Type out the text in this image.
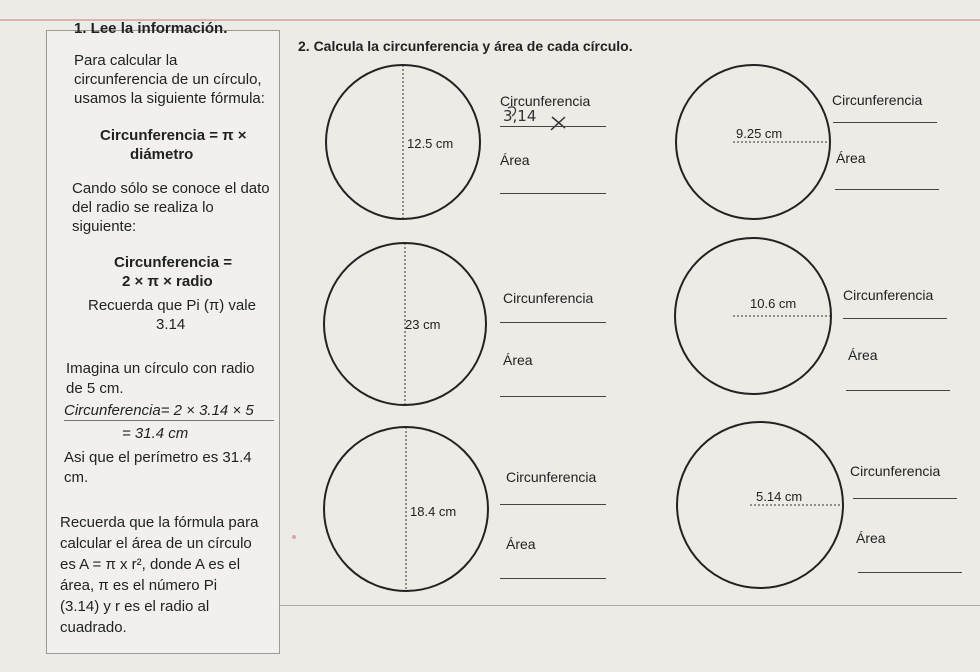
1. Lee la información.
Para calcular la
circunferencia de un círculo,
usamos la siguiente fórmula:
Circunferencia = π ×
diámetro
Cando sólo se conoce el dato
del radio se realiza lo
siguiente:
Circunferencia =
2 × π × radio
Recuerda que Pi (π) vale
3.14
Imagina un círculo con radio
de 5 cm.
Circunferencia= 2 × 3.14 × 5
= 31.4 cm
Asi que el perímetro es 31.4
cm.
Recuerda que la fórmula para
calcular el área de un círculo
es A = π x r², donde A es el
área, π es el número Pi
(3.14) y r es el radio al
cuadrado.
2. Calcula la circunferencia y área de cada círculo.
12.5 cm
9.25 cm
23 cm
10.6 cm
18.4 cm
5.14 cm
Circunferencia
3,14
Área
Circunferencia
Área
Circunferencia
Área
Circunferencia
Área
Circunferencia
Área
Circunferencia
Área
